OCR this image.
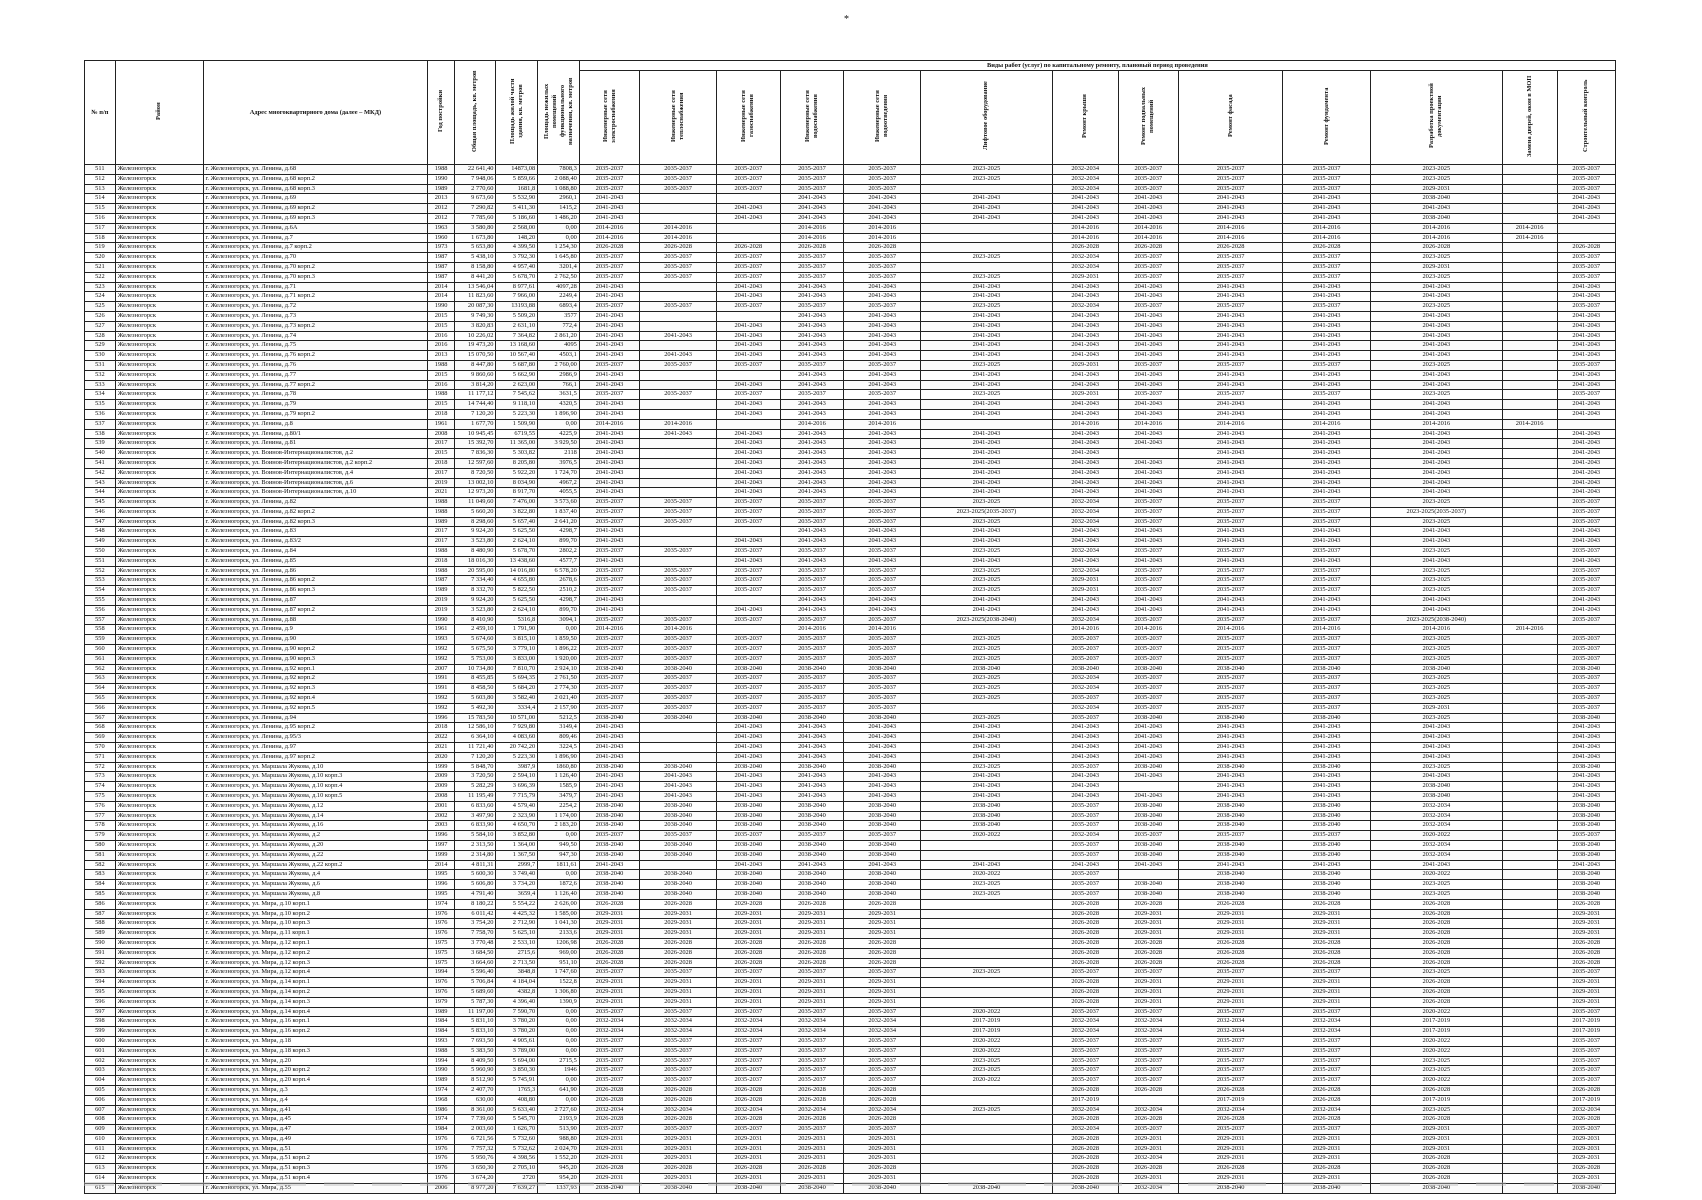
*
№ п/п	Район	Адрес многоквартирного дома (далее – МКД)	Год постройки	Общая площадь, кв. метров	Площадь жилой части здания, кв. метров	Площадь нежилых помещений функционального назначения, кв. метров	Виды работ (услуг) по капитальному ремонту, плановый период проведения												
							Инженерные сети электроснабжения	Инженерные сети теплоснабжения	Инженерные сети газоснабжения	Инженерные сети водоснабжения	Инженерные сети водоотведения	Лифтовое оборудование	Ремонт крыши	Ремонт подвальных помещений	Ремонт фасада	Ремонт фундамента	Разработка проектной документации	Замена дверей, окон в МОП	Строительный контроль
511	Железногорск	г. Железногорск, ул. Ленина, д.68	1988	22 641,40	14873,08	7808,3	2035-2037	2035-2037	2035-2037	2035-2037	2035-2037	2023-2025	2032-2034	2035-2037	2035-2037	2035-2037	2023-2025		2035-2037
512	Железногорск	г. Железногорск, ул. Ленина, д.68 корп.2	1990	7 948,06	5 859,66	2 088,40	2035-2037	2035-2037	2035-2037	2035-2037	2035-2037	2023-2025	2032-2034	2035-2037	2035-2037	2035-2037	2023-2025		2035-2037
513	Железногорск	г. Железногорск, ул. Ленина, д.68 корп.3	1989	2 770,60	1681,8	1 088,80	2035-2037	2035-2037	2035-2037	2035-2037	2035-2037		2032-2034	2035-2037	2035-2037	2035-2037	2029-2031		2035-2037
514	Железногорск	г. Железногорск, ул. Ленина, д.69	2013	9 673,60	5 532,90	2960,1	2041-2043			2041-2043	2041-2043	2041-2043	2041-2043	2041-2043	2041-2043	2041-2043	2038-2040		2041-2043
515	Железногорск	г. Железногорск, ул. Ленина, д.69 корп.2	2012	7 290,82	5 411,30	1415,2	2041-2043		2041-2043	2041-2043	2041-2043	2041-2043	2041-2043	2041-2043	2041-2043	2041-2043	2041-2043		2041-2043
516	Железногорск	г. Железногорск, ул. Ленина, д.69 корп.3	2012	7 785,60	5 186,60	1 486,20	2041-2043		2041-2043	2041-2043	2041-2043	2041-2043	2041-2043	2041-2043	2041-2043	2041-2043	2038-2040		2041-2043
517	Железногорск	г. Железногорск, ул. Ленина, д.6А	1963	3 580,80	2 568,00	0,00	2014-2016	2014-2016		2014-2016	2014-2016		2014-2016	2014-2016	2014-2016	2014-2016	2014-2016	2014-2016	
518	Железногорск	г. Железногорск, ул. Ленина, д.7	1960	1 673,80	148,20	0,00	2014-2016	2014-2016		2014-2016	2014-2016		2014-2016	2014-2016	2014-2016	2014-2016	2014-2016	2014-2016	
519	Железногорск	г. Железногорск, ул. Ленина, д.7 корп.2	1973	5 653,80	4 399,50	1 254,30	2026-2028	2026-2028	2026-2028	2026-2028	2026-2028		2026-2028	2026-2028	2026-2028	2026-2028	2026-2028		2026-2028
520	Железногорск	г. Железногорск, ул. Ленина, д.70	1987	5 438,10	3 792,30	1 645,80	2035-2037	2035-2037	2035-2037	2035-2037	2035-2037	2023-2025	2032-2034	2035-2037	2035-2037	2035-2037	2023-2025		2035-2037
521	Железногорск	г. Железногорск, ул. Ленина, д.70 корп.2	1987	8 158,80	4 957,40	3201,4	2035-2037	2035-2037	2035-2037	2035-2037	2035-2037		2032-2034	2035-2037	2035-2037	2035-2037	2029-2031		2035-2037
522	Железногорск	г. Железногорск, ул. Ленина, д.70 корп.3	1987	8 441,20	5 678,70	2 762,50	2035-2037	2035-2037	2035-2037	2035-2037	2035-2037	2023-2025	2029-2031	2035-2037	2035-2037	2035-2037	2023-2025		2035-2037
523	Железногорск	г. Железногорск, ул. Ленина, д.71	2014	13 546,04	8 977,61	4097,28	2041-2043		2041-2043	2041-2043	2041-2043	2041-2043	2041-2043	2041-2043	2041-2043	2041-2043	2041-2043		2041-2043
524	Железногорск	г. Железногорск, ул. Ленина, д.71 корп.2	2014	11 823,60	7 966,00	2249,4	2041-2043		2041-2043	2041-2043	2041-2043	2041-2043	2041-2043	2041-2043	2041-2043	2041-2043	2041-2043		2041-2043
525	Железногорск	г. Железногорск, ул. Ленина, д.72	1990	20 087,30	13193,88	6893,4	2035-2037	2035-2037	2035-2037	2035-2037	2035-2037	2023-2025	2032-2034	2035-2037	2035-2037	2035-2037	2023-2025		2035-2037
526	Железногорск	г. Железногорск, ул. Ленина, д.73	2015	9 749,30	5 509,20	3577	2041-2043			2041-2043	2041-2043	2041-2043	2041-2043	2041-2043	2041-2043	2041-2043	2041-2043		2041-2043
527	Железногорск	г. Железногорск, ул. Ленина, д.73 корп.2	2015	3 820,83	2 631,10	772,4	2041-2043		2041-2043	2041-2043	2041-2043	2041-2043	2041-2043	2041-2043	2041-2043	2041-2043	2041-2043		2041-2043
528	Железногорск	г. Железногорск, ул. Ленина, д.74	2016	10 226,02	7 364,82	2 861,20	2041-2043	2041-2043	2041-2043	2041-2043	2041-2043	2041-2043	2041-2043	2041-2043	2041-2043	2041-2043	2041-2043		2041-2043
529	Железногорск	г. Железногорск, ул. Ленина, д.75	2016	19 473,20	13 168,60	4095	2041-2043		2041-2043	2041-2043	2041-2043	2041-2043	2041-2043	2041-2043	2041-2043	2041-2043	2041-2043		2041-2043
530	Железногорск	г. Железногорск, ул. Ленина, д.76 корп.2	2013	15 070,50	10 567,40	4503,1	2041-2043	2041-2043	2041-2043	2041-2043	2041-2043	2041-2043	2041-2043	2041-2043	2041-2043	2041-2043	2041-2043		2041-2043
531	Железногорск	г. Железногорск, ул. Ленина, д.76	1988	8 447,80	5 687,80	2 760,00	2035-2037	2035-2037	2035-2037	2035-2037	2035-2037	2023-2025	2029-2031	2035-2037	2035-2037	2035-2037	2023-2025		2035-2037
532	Железногорск	г. Железногорск, ул. Ленина, д.77	2015	9 860,60	5 662,90	2986,9	2041-2043			2041-2043	2041-2043	2041-2043	2041-2043	2041-2043	2041-2043	2041-2043	2041-2043		2041-2043
533	Железногорск	г. Железногорск, ул. Ленина, д.77 корп.2	2016	3 814,20	2 623,00	766,1	2041-2043		2041-2043	2041-2043	2041-2043	2041-2043	2041-2043	2041-2043	2041-2043	2041-2043	2041-2043		2041-2043
534	Железногорск	г. Железногорск, ул. Ленина, д.78	1988	11 177,12	7 545,62	3631,5	2035-2037	2035-2037	2035-2037	2035-2037	2035-2037	2023-2025	2029-2031	2035-2037	2035-2037	2035-2037	2023-2025		2035-2037
535	Железногорск	г. Железногорск, ул. Ленина, д.79	2015	14 744,40	9 118,10	4320,5	2041-2043		2041-2043	2041-2043	2041-2043	2041-2043	2041-2043	2041-2043	2041-2043	2041-2043	2041-2043		2041-2043
536	Железногорск	г. Железногорск, ул. Ленина, д.79 корп.2	2018	7 120,20	5 223,30	1 896,90	2041-2043		2041-2043	2041-2043	2041-2043	2041-2043	2041-2043	2041-2043	2041-2043	2041-2043	2041-2043		2041-2043
537	Железногорск	г. Железногорск, ул. Ленина, д.8	1961	1 677,70	1 509,90	0,00	2014-2016	2014-2016		2014-2016	2014-2016		2014-2016	2014-2016	2014-2016	2014-2016	2014-2016	2014-2016	
538	Железногорск	г. Железногорск, ул. Ленина, д.80/1	2008	10 945,45	6719,55	4225,9	2041-2043	2041-2043	2041-2043	2041-2043	2041-2043	2041-2043	2041-2043	2041-2043	2041-2043	2041-2043	2041-2043		2041-2043
539	Железногорск	г. Железногорск, ул. Ленина, д.81	2017	15 392,70	11 365,00	3 929,50	2041-2043		2041-2043	2041-2043	2041-2043	2041-2043	2041-2043	2041-2043	2041-2043	2041-2043	2041-2043		2041-2043
540	Железногорск	г. Железногорск, ул. Воинов-Интернационалистов, д.2	2015	7 836,30	5 303,82	2118	2041-2043		2041-2043	2041-2043	2041-2043	2041-2043	2041-2043		2041-2043	2041-2043	2041-2043		2041-2043
541	Железногорск	г. Железногорск, ул. Воинов-Интернационалистов, д.2 корп.2	2018	12 597,60	8 205,80	3976,5	2041-2043		2041-2043	2041-2043	2041-2043	2041-2043	2041-2043	2041-2043	2041-2043	2041-2043	2041-2043		2041-2043
542	Железногорск	г. Железногорск, ул. Воинов-Интернационалистов, д.4	2017	8 720,50	5 922,20	1 724,70	2041-2043		2041-2043	2041-2043	2041-2043	2041-2043	2041-2043	2041-2043	2041-2043	2041-2043	2041-2043		2041-2043
543	Железногорск	г. Железногорск, ул. Воинов-Интернационалистов, д.6	2019	13 002,10	8 034,90	4967,2	2041-2043		2041-2043	2041-2043	2041-2043	2041-2043	2041-2043	2041-2043	2041-2043	2041-2043	2041-2043		2041-2043
544	Железногорск	г. Железногорск, ул. Воинов-Интернационалистов, д.10	2021	12 973,20	8 917,70	4055,5	2041-2043		2041-2043	2041-2043	2041-2043	2041-2043	2041-2043	2041-2043	2041-2043	2041-2043	2041-2043		2041-2043
545	Железногорск	г. Железногорск, ул. Ленина, д.82	1988	11 049,60	7 476,00	3 573,60	2035-2037	2035-2037	2035-2037	2035-2037	2035-2037	2023-2025	2032-2034	2035-2037	2035-2037	2035-2037	2023-2025		2035-2037
546	Железногорск	г. Железногорск, ул. Ленина, д.82 корп.2	1988	5 660,20	3 822,80	1 837,40	2035-2037	2035-2037	2035-2037	2035-2037	2035-2037	2023-2025(2035-2037)	2032-2034	2035-2037	2035-2037	2035-2037	2023-2025(2035-2037)		2035-2037
547	Железногорск	г. Железногорск, ул. Ленина, д.82 корп.3	1989	8 298,60	5 657,40	2 641,20	2035-2037	2035-2037	2035-2037	2035-2037	2035-2037	2023-2025	2032-2034	2035-2037	2035-2037	2035-2037	2023-2025		2035-2037
548	Железногорск	г. Железногорск, ул. Ленина, д.83	2017	9 924,20	5 625,50	4298,7	2041-2043			2041-2043	2041-2043	2041-2043	2041-2043	2041-2043	2041-2043	2041-2043	2041-2043		2041-2043
549	Железногорск	г. Железногорск, ул. Ленина, д.83/2	2017	3 523,80	2 624,10	899,70	2041-2043		2041-2043	2041-2043	2041-2043	2041-2043	2041-2043	2041-2043	2041-2043	2041-2043	2041-2043		2041-2043
550	Железногорск	г. Железногорск, ул. Ленина, д.84	1988	8 480,90	5 678,70	2802,2	2035-2037	2035-2037	2035-2037	2035-2037	2035-2037	2023-2025	2032-2034	2035-2037	2035-2037	2035-2037	2023-2025		2035-2037
551	Железногорск	г. Железногорск, ул. Ленина, д.85	2018	18 016,30	13 438,60	4577,7	2041-2043		2041-2043	2041-2043	2041-2043	2041-2043	2041-2043	2041-2043	2041-2043	2041-2043	2041-2043		2041-2043
552	Железногорск	г. Железногорск, ул. Ленина, д.86	1988	20 595,00	14 016,80	6 578,20	2035-2037	2035-2037	2035-2037	2035-2037	2035-2037	2023-2025	2032-2034	2035-2037	2035-2037	2035-2037	2023-2025		2035-2037
553	Железногорск	г. Железногорск, ул. Ленина, д.86 корп.2	1987	7 334,40	4 655,80	2678,6	2035-2037	2035-2037	2035-2037	2035-2037	2035-2037	2023-2025	2029-2031	2035-2037	2035-2037	2035-2037	2023-2025		2035-2037
554	Железногорск	г. Железногорск, ул. Ленина, д.86 корп.3	1989	8 332,70	5 822,50	2510,2	2035-2037	2035-2037	2035-2037	2035-2037	2035-2037	2023-2025	2029-2031	2035-2037	2035-2037	2035-2037	2023-2025		2035-2037
555	Железногорск	г. Железногорск, ул. Ленина, д.87	2019	9 924,20	5 625,50	4298,7	2041-2043			2041-2043	2041-2043	2041-2043	2041-2043	2041-2043	2041-2043	2041-2043	2041-2043		2041-2043
556	Железногорск	г. Железногорск, ул. Ленина, д.87 корп.2	2019	3 523,80	2 624,10	899,70	2041-2043		2041-2043	2041-2043	2041-2043	2041-2043	2041-2043	2041-2043	2041-2043	2041-2043	2041-2043		2041-2043
557	Железногорск	г. Железногорск, ул. Ленина, д.88	1990	8 410,90	5316,8	3094,1	2035-2037	2035-2037	2035-2037	2035-2037	2035-2037	2023-2025(2038-2040)	2032-2034	2035-2037	2035-2037	2035-2037	2023-2025(2038-2040)		2035-2037
558	Железногорск	г. Железногорск, ул. Ленина, д.9	1961	2 459,10	1 791,90	0,00	2014-2016	2014-2016		2014-2016	2014-2016		2014-2016	2014-2016	2014-2016	2014-2016	2014-2016	2014-2016	
559	Железногорск	г. Железногорск, ул. Ленина, д.90	1993	5 674,60	3 815,10	1 859,50	2035-2037	2035-2037	2035-2037	2035-2037	2035-2037	2023-2025	2035-2037	2035-2037	2035-2037	2035-2037	2023-2025		2035-2037
560	Железногорск	г. Железногорск, ул. Ленина, д.90 корп.2	1992	5 675,50	3 779,10	1 896,22	2035-2037	2035-2037	2035-2037	2035-2037	2035-2037	2023-2025	2035-2037	2035-2037	2035-2037	2035-2037	2023-2025		2035-2037
561	Железногорск	г. Железногорск, ул. Ленина, д.90 корп.3	1992	5 753,00	3 833,00	1 920,00	2035-2037	2035-2037	2035-2037	2035-2037	2035-2037	2023-2025	2035-2037	2035-2037	2035-2037	2035-2037	2023-2025		2035-2037
562	Железногорск	г. Железногорск, ул. Ленина, д.92 корп.1	2007	10 734,80	7 810,70	2 924,10	2038-2040	2038-2040	2038-2040	2038-2040	2038-2040	2038-2040	2038-2040	2038-2040	2038-2040	2038-2040	2038-2040		2038-2040
563	Железногорск	г. Железногорск, ул. Ленина, д.92 корп.2	1991	8 455,85	5 694,35	2 761,50	2035-2037	2035-2037	2035-2037	2035-2037	2035-2037	2023-2025	2032-2034	2035-2037	2035-2037	2035-2037	2023-2025		2035-2037
564	Железногорск	г. Железногорск, ул. Ленина, д.92 корп.3	1991	8 458,50	5 684,20	2 774,30	2035-2037	2035-2037	2035-2037	2035-2037	2035-2037	2023-2025	2032-2034	2035-2037	2035-2037	2035-2037	2023-2025		2035-2037
565	Железногорск	г. Железногорск, ул. Ленина, д.92 корп.4	1992	5 603,80	3 582,40	2 021,40	2035-2037	2035-2037	2035-2037	2035-2037	2035-2037	2023-2025	2035-2037	2035-2037	2035-2037	2035-2037	2023-2025		2035-2037
566	Железногорск	г. Железногорск, ул. Ленина, д.92 корп.5	1992	5 492,30	3334,4	2 157,90	2035-2037	2035-2037	2035-2037	2035-2037	2035-2037		2032-2034	2035-2037	2035-2037	2035-2037	2029-2031		2035-2037
567	Железногорск	г. Железногорск, ул. Ленина, д.94	1996	15 783,50	10 571,00	5212,5	2038-2040	2038-2040	2038-2040	2038-2040	2038-2040	2023-2025	2035-2037	2038-2040	2038-2040	2038-2040	2023-2025		2038-2040
568	Железногорск	г. Железногорск, ул. Ленина, д.95 корп.2	2018	12 586,10	7 929,80	3149,4	2041-2043		2041-2043	2041-2043	2041-2043	2041-2043	2041-2043	2041-2043	2041-2043	2041-2043	2041-2043		2041-2043
569	Железногорск	г. Железногорск, ул. Ленина, д.95/3	2022	6 364,10	4 083,60	809,46	2041-2043		2041-2043	2041-2043	2041-2043	2041-2043	2041-2043	2041-2043	2041-2043	2041-2043	2041-2043		2041-2043
570	Железногорск	г. Железногорск, ул. Ленина, д.97	2021	11 721,40	20 742,20	3224,5	2041-2043		2041-2043	2041-2043	2041-2043	2041-2043	2041-2043	2041-2043	2041-2043	2041-2043	2041-2043		2041-2043
571	Железногорск	г. Железногорск, ул. Ленина, д.97 корп.2	2020	7 120,20	5 223,30	1 896,90	2041-2043		2041-2043	2041-2043	2041-2043	2041-2043	2041-2043	2041-2043	2041-2043	2041-2043	2041-2043		2041-2043
572	Железногорск	г. Железногорск, ул. Маршала Жукова, д.10	1999	5 848,70	3987,9	1860,80	2038-2040	2038-2040	2038-2040	2038-2040	2038-2040	2023-2025	2035-2037	2038-2040	2038-2040	2038-2040	2023-2025		2038-2040
573	Железногорск	г. Железногорск, ул. Маршала Жукова, д.10 корп.3	2009	3 720,50	2 594,10	1 126,40	2041-2043	2041-2043	2041-2043	2041-2043	2041-2043	2041-2043	2041-2043	2041-2043	2041-2043	2041-2043	2041-2043		2041-2043
574	Железногорск	г. Железногорск, ул. Маршала Жукова, д.10 корп.4	2009	5 282,29	3 696,39	1585,9	2041-2043	2041-2043	2041-2043	2041-2043	2041-2043	2041-2043	2041-2043		2041-2043	2041-2043	2038-2040		2041-2043
575	Железногорск	г. Железногорск, ул. Маршала Жукова, д.10 корп.5	2008	11 195,49	7 715,79	3479,7	2041-2043	2041-2043	2041-2043	2041-2043	2041-2043	2041-2043	2041-2043	2041-2043	2041-2043	2041-2043	2038-2040		2041-2043
576	Железногорск	г. Железногорск, ул. Маршала Жукова, д.12	2001	6 833,60	4 579,40	2254,2	2038-2040	2038-2040	2038-2040	2038-2040	2038-2040	2038-2040	2035-2037	2038-2040	2038-2040	2038-2040	2032-2034		2038-2040
577	Железногорск	г. Железногорск, ул. Маршала Жукова, д.14	2002	3 497,90	2 323,90	1 174,00	2038-2040	2038-2040	2038-2040	2038-2040	2038-2040	2038-2040	2035-2037	2038-2040	2038-2040	2038-2040	2032-2034		2038-2040
578	Железногорск	г. Железногорск, ул. Маршала Жукова, д.16	2003	6 833,90	4 650,70	2 183,20	2038-2040	2038-2040	2038-2040	2038-2040	2038-2040	2038-2040	2035-2037	2038-2040	2038-2040	2038-2040	2032-2034		2038-2040
579	Железногорск	г. Железногорск, ул. Маршала Жукова, д.2	1996	5 584,10	3 852,80	0,00	2035-2037	2035-2037	2035-2037	2035-2037	2035-2037	2020-2022	2032-2034	2035-2037	2035-2037	2035-2037	2020-2022		2035-2037
580	Железногорск	г. Железногорск, ул. Маршала Жукова, д.20	1997	2 313,50	1 364,00	949,50	2038-2040	2038-2040	2038-2040	2038-2040	2038-2040		2035-2037	2038-2040	2038-2040	2038-2040	2032-2034		2038-2040
581	Железногорск	г. Железногорск, ул. Маршала Жукова, д.22	1999	2 314,80	1 367,50	947,30	2038-2040	2038-2040	2038-2040	2038-2040	2038-2040		2035-2037	2038-2040	2038-2040	2038-2040	2032-2034		2038-2040
582	Железногорск	г. Железногорск, ул. Маршала Жукова, д.22 корп.2	2014	4 811,31	2999,7	1811,61	2041-2043		2041-2043	2041-2043	2041-2043	2041-2043	2041-2043	2041-2043	2041-2043	2041-2043	2041-2043		2041-2043
583	Железногорск	г. Железногорск, ул. Маршала Жукова, д.4	1995	5 600,30	3 749,40	0,00	2038-2040	2038-2040	2038-2040	2038-2040	2038-2040	2020-2022	2035-2037		2038-2040	2038-2040	2020-2022		2038-2040
584	Железногорск	г. Железногорск, ул. Маршала Жукова, д.6	1996	5 606,80	3 734,20	1872,6	2038-2040	2038-2040	2038-2040	2038-2040	2038-2040	2023-2025	2035-2037	2038-2040	2038-2040	2038-2040	2023-2025		2038-2040
585	Железногорск	г. Железногорск, ул. Маршала Жукова, д.8	1995	4 791,40	3659,4	1 126,40	2038-2040	2038-2040	2038-2040	2038-2040	2038-2040	2023-2025	2035-2037	2038-2040	2038-2040	2038-2040	2023-2025		2038-2040
586	Железногорск	г. Железногорск, ул. Мира, д.10 корп.1	1974	8 180,22	5 554,22	2 626,00	2026-2028	2026-2028	2029-2028	2026-2028	2026-2028		2026-2028	2026-2028	2026-2028	2026-2028	2026-2028		2026-2028
587	Железногорск	г. Железногорск, ул. Мира, д.10 корп.2	1976	6 011,42	4 425,32	1 585,00	2029-2031	2029-2031	2029-2031	2029-2031	2029-2031		2026-2028	2029-2031	2029-2031	2029-2031	2026-2028		2029-2031
588	Железногорск	г. Железногорск, ул. Мира, д.10 корп.3	1976	3 754,20	2 712,90	1 041,30	2029-2031	2029-2031	2029-2031	2029-2031	2029-2031		2026-2028	2029-2031	2029-2031	2029-2031	2026-2028		2029-2031
589	Железногорск	г. Железногорск, ул. Мира, д.11 корп.1	1976	7 758,70	5 625,10	2133,6	2029-2031	2029-2031	2029-2031	2029-2031	2029-2031		2026-2028	2029-2031	2029-2031	2029-2031	2026-2028		2029-2031
590	Железногорск	г. Железногорск, ул. Мира, д.12 корп.1	1975	3 770,48	2 533,10	1206,98	2026-2028	2026-2028	2026-2028	2026-2028	2026-2028		2026-2028	2026-2028	2026-2028	2026-2028	2026-2028		2026-2028
591	Железногорск	г. Железногорск, ул. Мира, д.12 корп.2	1975	3 684,50	2715,6	969,00	2026-2028	2026-2028	2026-2028	2026-2028	2026-2028		2026-2028	2026-2028	2026-2028	2026-2028	2026-2028		2026-2028
592	Железногорск	г. Железногорск, ул. Мира, д.12 корп.3	1975	3 664,60	2 713,50	951,10	2026-2028	2026-2028	2026-2028	2026-2028	2026-2028		2026-2028	2026-2028	2026-2028	2026-2028	2026-2028		2026-2028
593	Железногорск	г. Железногорск, ул. Мира, д.12 корп.4	1994	5 596,40	3848,8	1 747,60	2035-2037	2035-2037	2035-2037	2035-2037	2035-2037	2023-2025	2035-2037	2035-2037	2035-2037	2035-2037	2023-2025		2035-2037
594	Железногорск	г. Железногорск, ул. Мира, д.14 корп.1	1976	5 706,84	4 184,04	1522,8	2029-2031	2029-2031	2029-2031	2029-2031	2029-2031		2026-2028	2029-2031	2029-2031	2029-2031	2026-2028		2029-2031
595	Железногорск	г. Железногорск, ул. Мира, д.14 корп.2	1976	5 689,60	4382,8	1 306,80	2029-2031	2029-2031	2029-2031	2029-2031	2029-2031		2026-2028	2029-2031	2029-2031	2029-2031	2026-2028		2029-2031
596	Железногорск	г. Железногорск, ул. Мира, д.14 корп.3	1979	5 787,30	4 396,40	1390,9	2029-2031	2029-2031	2029-2031	2029-2031	2029-2031		2026-2028	2029-2031	2029-2031	2029-2031	2026-2028		2029-2031
597	Железногорск	г. Железногорск, ул. Мира, д.14 корп.4	1989	11 197,00	7 590,70	0,00	2035-2037	2035-2037	2035-2037	2035-2037	2035-2037	2020-2022	2035-2037	2035-2037	2035-2037	2035-2037	2020-2022		2035-2037
598	Железногорск	г. Железногорск, ул. Мира, д.16 корп.1	1984	5 831,10	3 780,20	0,00	2032-2034	2032-2034	2032-2034	2032-2034	2032-2034	2017-2019	2032-2034	2032-2034	2032-2034	2032-2034	2017-2019		2017-2019
599	Железногорск	г. Железногорск, ул. Мира, д.16 корп.2	1984	5 833,10	3 780,20	0,00	2032-2034	2032-2034	2032-2034	2032-2034	2032-2034	2017-2019	2032-2034	2032-2034	2032-2034	2032-2034	2017-2019		2017-2019
600	Железногорск	г. Железногорск, ул. Мира, д.18	1993	7 693,50	4 905,61	0,00	2035-2037	2035-2037	2035-2037	2035-2037	2035-2037	2020-2022	2035-2037	2035-2037	2035-2037	2035-2037	2020-2022		2035-2037
601	Железногорск	г. Железногорск, ул. Мира, д.18 корп.3	1988	5 383,50	3 789,00	0,00	2035-2037	2035-2037	2035-2037	2035-2037	2035-2037	2020-2022	2035-2037	2035-2037	2035-2037	2035-2037	2020-2022		2035-2037
602	Железногорск	г. Железногорск, ул. Мира, д.20	1994	8 409,50	5 694,00	2715,5	2035-2037	2035-2037	2035-2037	2035-2037	2035-2037	2023-2025	2035-2037	2035-2037	2035-2037	2035-2037	2023-2025		2035-2037
603	Железногорск	г. Железногорск, ул. Мира, д.20 корп.2	1990	5 960,90	3 850,30	1946	2035-2037	2035-2037	2035-2037	2035-2037	2035-2037	2023-2025	2035-2037	2035-2037	2035-2037	2035-2037	2023-2025		2035-2037
604	Железногорск	г. Железногорск, ул. Мира, д.20 корп.4	1989	8 512,90	5 745,91	0,00	2035-2037	2035-2037	2035-2037	2035-2037	2035-2037	2020-2022	2035-2037	2035-2037	2035-2037	2035-2037	2020-2022		2035-2037
605	Железногорск	г. Железногорск, ул. Мира, д.3	1974	2 407,70	1765,3	641,90	2026-2028	2026-2028	2026-2028	2026-2028	2026-2028		2026-2028	2026-2028	2026-2028	2026-2028	2026-2028		2026-2028
606	Железногорск	г. Железногорск, ул. Мира, д.4	1968	630,00	408,80	0,00	2026-2028	2026-2028	2026-2028	2026-2028	2026-2028		2017-2019		2017-2019	2026-2028	2017-2019		2017-2019
607	Железногорск	г. Железногорск, ул. Мира, д.41	1986	8 361,00	5 633,40	2 727,60	2032-2034	2032-2034	2032-2034	2032-2034	2032-2034	2023-2025	2032-2034	2032-2034	2032-2034	2032-2034	2023-2025		2032-2034
608	Железногорск	г. Железногорск, ул. Мира, д.45	1974	7 739,60	5 545,70	2193,9	2026-2028	2026-2028	2026-2028	2026-2028	2026-2028		2026-2028	2026-2028	2026-2028	2026-2028	2026-2028		2026-2028
609	Железногорск	г. Железногорск, ул. Мира, д.47	1984	2 003,60	1 626,70	513,90	2035-2037	2035-2037	2035-2037	2035-2037	2035-2037		2032-2034	2035-2037	2035-2037	2035-2037	2029-2031		2035-2037
610	Железногорск	г. Железногорск, ул. Мира, д.49	1976	6 721,56	5 732,60	988,80	2029-2031	2029-2031	2029-2031	2029-2031	2029-2031		2026-2028	2029-2031	2029-2031	2029-2031	2029-2031		2029-2031
611	Железногорск	г. Железногорск, ул. Мира, д.51	1976	7 757,32	5 732,62	2 024,70	2029-2031	2029-2031	2029-2031	2029-2031	2029-2031		2026-2028	2029-2031	2029-2031	2029-2031	2029-2031		2029-2031
612	Железногорск	г. Железногорск, ул. Мира, д.51 корп.2	1976	5 950,76	4 398,56	1 552,20	2029-2031	2029-2031	2029-2031	2029-2031	2029-2031		2026-2028	2032-2034	2029-2031	2029-2031	2026-2028		2029-2031
613	Железногорск	г. Железногорск, ул. Мира, д.51 корп.3	1976	3 650,30	2 705,10	945,20	2026-2028	2026-2028	2026-2028	2026-2028	2026-2028		2026-2028	2026-2028	2026-2028	2026-2028	2026-2028		2026-2028
614	Железногорск	г. Железногорск, ул. Мира, д.51 корп.4	1976	3 674,20	2720	954,20	2029-2031	2029-2031	2029-2031	2029-2031	2029-2031		2026-2028	2029-2031	2029-2031	2029-2031	2026-2028		2029-2031
615	Железногорск	г. Железногорск, ул. Мира, д.55	2006	8 977,20	7 639,27	1337,93	2038-2040	2038-2040	2038-2040	2038-2040	2038-2040	2038-2040	2038-2040	2032-2034	2038-2040	2038-2040	2038-2040		2038-2040
